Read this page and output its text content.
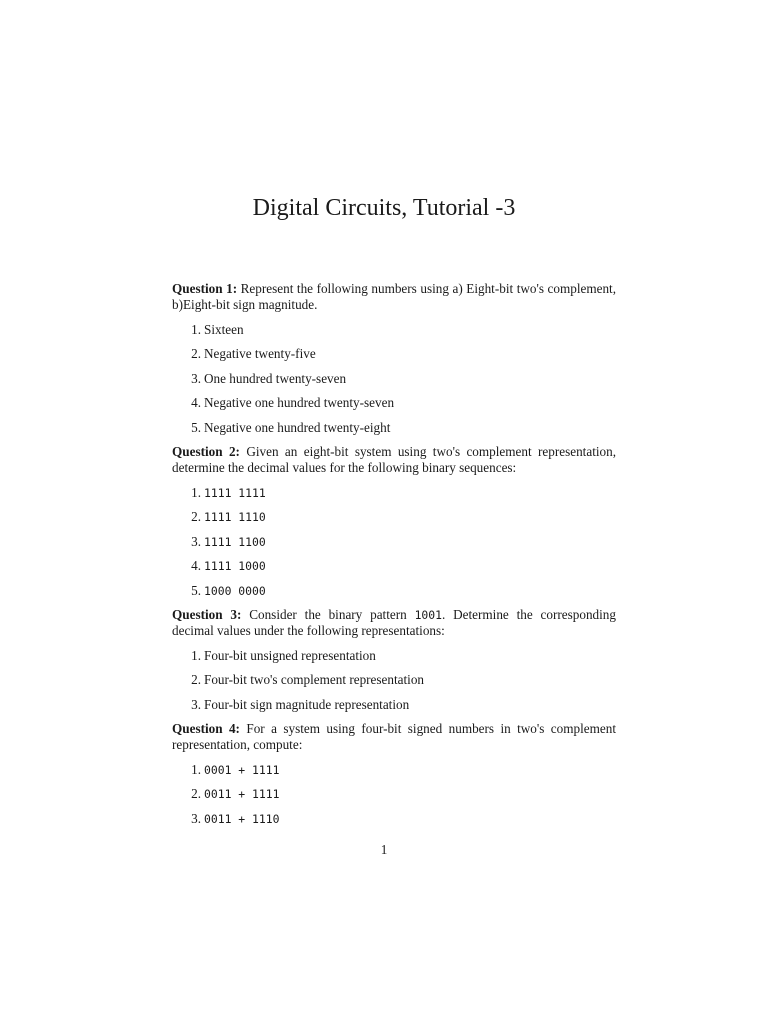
Digital Circuits, Tutorial -3

Question 1: Represent the following numbers using a) Eight-bit two's complement, b)Eight-bit sign magnitude.

1. Sixteen
2. Negative twenty-five
3. One hundred twenty-seven
4. Negative one hundred twenty-seven
5. Negative one hundred twenty-eight

Question 2: Given an eight-bit system using two's complement representation, determine the decimal values for the following binary sequences:

1. 1111 1111
2. 1111 1110
3. 1111 1100
4. 1111 1000
5. 1000 0000

Question 3: Consider the binary pattern 1001. Determine the corresponding decimal values under the following representations:

1. Four-bit unsigned representation
2. Four-bit two's complement representation
3. Four-bit sign magnitude representation

Question 4: For a system using four-bit signed numbers in two's complement representation, compute:

1. 0001 + 1111
2. 0011 + 1111
3. 0011 + 1110
1
